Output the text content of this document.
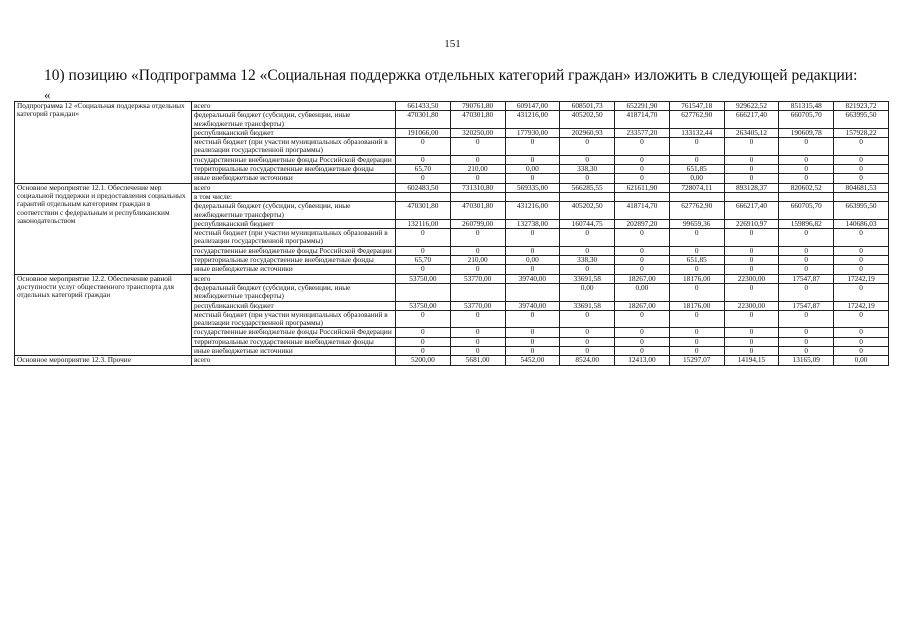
151
10) позицию «Подпрограмма 12 «Социальная поддержка отдельных категорий граждан» изложить в следующей редакции:
«
Подпрограмма 12 «Социальная поддержка отдельных категорий граждан»	всего	661433,50	790761,80	609147,00	608501,73	652291,90	761547,18	929622,52	851315,48	821923,72
	федеральный бюджет (субсидии, субвенции, иные межбюджетные трансферты)	470301,80	470301,80	431216,00	405202,50	418714,70	627762,90	666217,40	660705,70	663995,50
	республиканский бюджет	191066,00	320250,00	177930,00	202960,93	233577,20	133132,44	263405,12	190609,78	157928,22
	местный бюджет (при участии муниципальных образований в реализации государственной программы)	0	0	0	0	0	0	0	0	0
	государственные внебюджетные фонды Российской Федерации	0	0	0	0	0	0	0	0	0
	территориальные государственные внебюджетные фонды	65,70	210,00	0,00	338,30	0	651,85	0	0	0
	иные внебюджетные источники	0	0	0	0	0	0,00	0	0	0
Основное мероприятие 12.1. Обеспечение мер социальной поддержки и предоставления социальных гарантий отдельным категориям граждан в соответствии с федеральным и республиканским законодательством	всего	602483,50	731310,80	569335,00	566285,55	621611,90	728074,11	893128,37	820602,52	804681,53
	в том числе:									
	федеральный бюджет (субсидии, субвенции, иные межбюджетные трансферты)	470301,80	470301,80	431216,00	405202,50	418714,70	627762,90	666217,40	660705,70	663995,50
	республиканский бюджет	132116,00	260799,00	132738,00	160744,75	202897,20	99659,36	226910,97	159896,82	140686,03
	местный бюджет (при участии муниципальных образований в реализации государственной программы)	0	0	0	0	0	0	0	0	0
	государственные внебюджетные фонды Российской Федерации	0	0	0	0	0	0	0	0	0
	территориальные государственные внебюджетные фонды	65,70	210,00	0,00	338,30	0	651,85	0	0	0
	иные внебюджетные источники	0	0	0	0	0	0	0	0	0
Основное мероприятие 12.2. Обеспечение равной доступности услуг общественного транспорта для отдельных категорий граждан	всего	53750,00	53770,00	39740,00	33691,58	18267,00	18176,00	22300,00	17547,87	17242,19
	федеральный бюджет (субсидии, субвенции, иные межбюджетные трансферты)				0,00	0,00	0	0	0	0
	республиканский бюджет	53750,00	53770,00	39740,00	33691,58	18267,00	18176,00	22300,00	17547,87	17242,19
	местный бюджет (при участии муниципальных образований в реализации государственной программы)	0	0	0	0	0	0	0	0	0
	государственные внебюджетные фонды Российской Федерации	0	0	0	0	0	0	0	0	0
	территориальные государственные внебюджетные фонды	0	0	0	0	0	0	0	0	0
	иные внебюджетные источники	0	0	0	0	0	0	0	0	0
Основное мероприятие 12.3. Прочие	всего	5200,00	5681,00	5452,00	8524,00	12413,00	15297,07	14194,15	13165,09	0,00
